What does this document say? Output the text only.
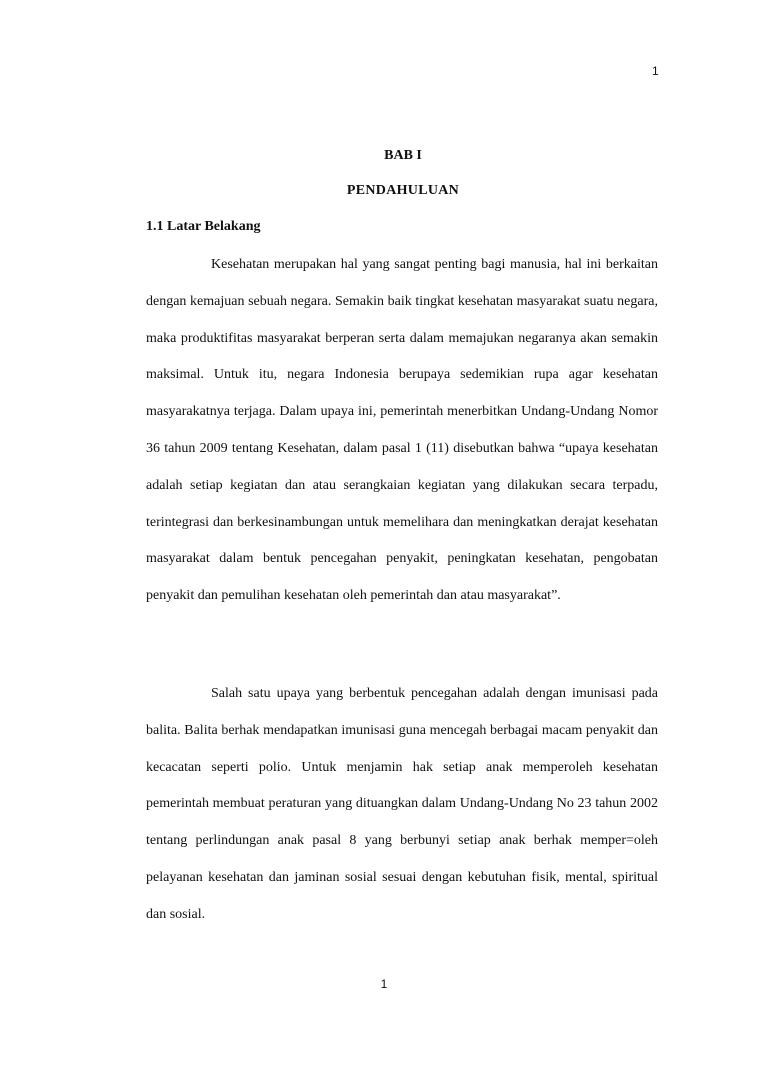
1
BAB I
PENDAHULUAN
1.1 Latar Belakang

Kesehatan merupakan hal yang sangat penting bagi manusia, hal ini berkaitan dengan kemajuan sebuah negara. Semakin baik tingkat kesehatan masyarakat suatu negara, maka produktifitas masyarakat berperan serta dalam memajukan negaranya akan semakin maksimal. Untuk itu, negara Indonesia berupaya sedemikian rupa agar kesehatan masyarakatnya terjaga. Dalam upaya ini, pemerintah menerbitkan Undang-Undang Nomor 36 tahun 2009 tentang Kesehatan, dalam pasal 1 (11) disebutkan bahwa “upaya kesehatan adalah setiap kegiatan dan atau serangkaian kegiatan yang dilakukan secara terpadu, terintegrasi dan berkesinambungan untuk memelihara dan meningkatkan derajat kesehatan masyarakat dalam bentuk pencegahan penyakit, peningkatan kesehatan, pengobatan penyakit dan pemulihan kesehatan oleh pemerintah dan atau masyarakat”.

Salah satu upaya yang berbentuk pencegahan adalah dengan imunisasi pada balita. Balita berhak mendapatkan imunisasi guna mencegah berbagai macam penyakit dan kecacatan seperti polio. Untuk menjamin hak setiap anak memperoleh kesehatan pemerintah membuat peraturan yang dituangkan dalam Undang-Undang No 23 tahun 2002 tentang perlindungan anak pasal 8 yang berbunyi setiap anak berhak memper=oleh pelayanan kesehatan dan jaminan sosial sesuai dengan kebutuhan fisik, mental, spiritual dan sosial.

1
